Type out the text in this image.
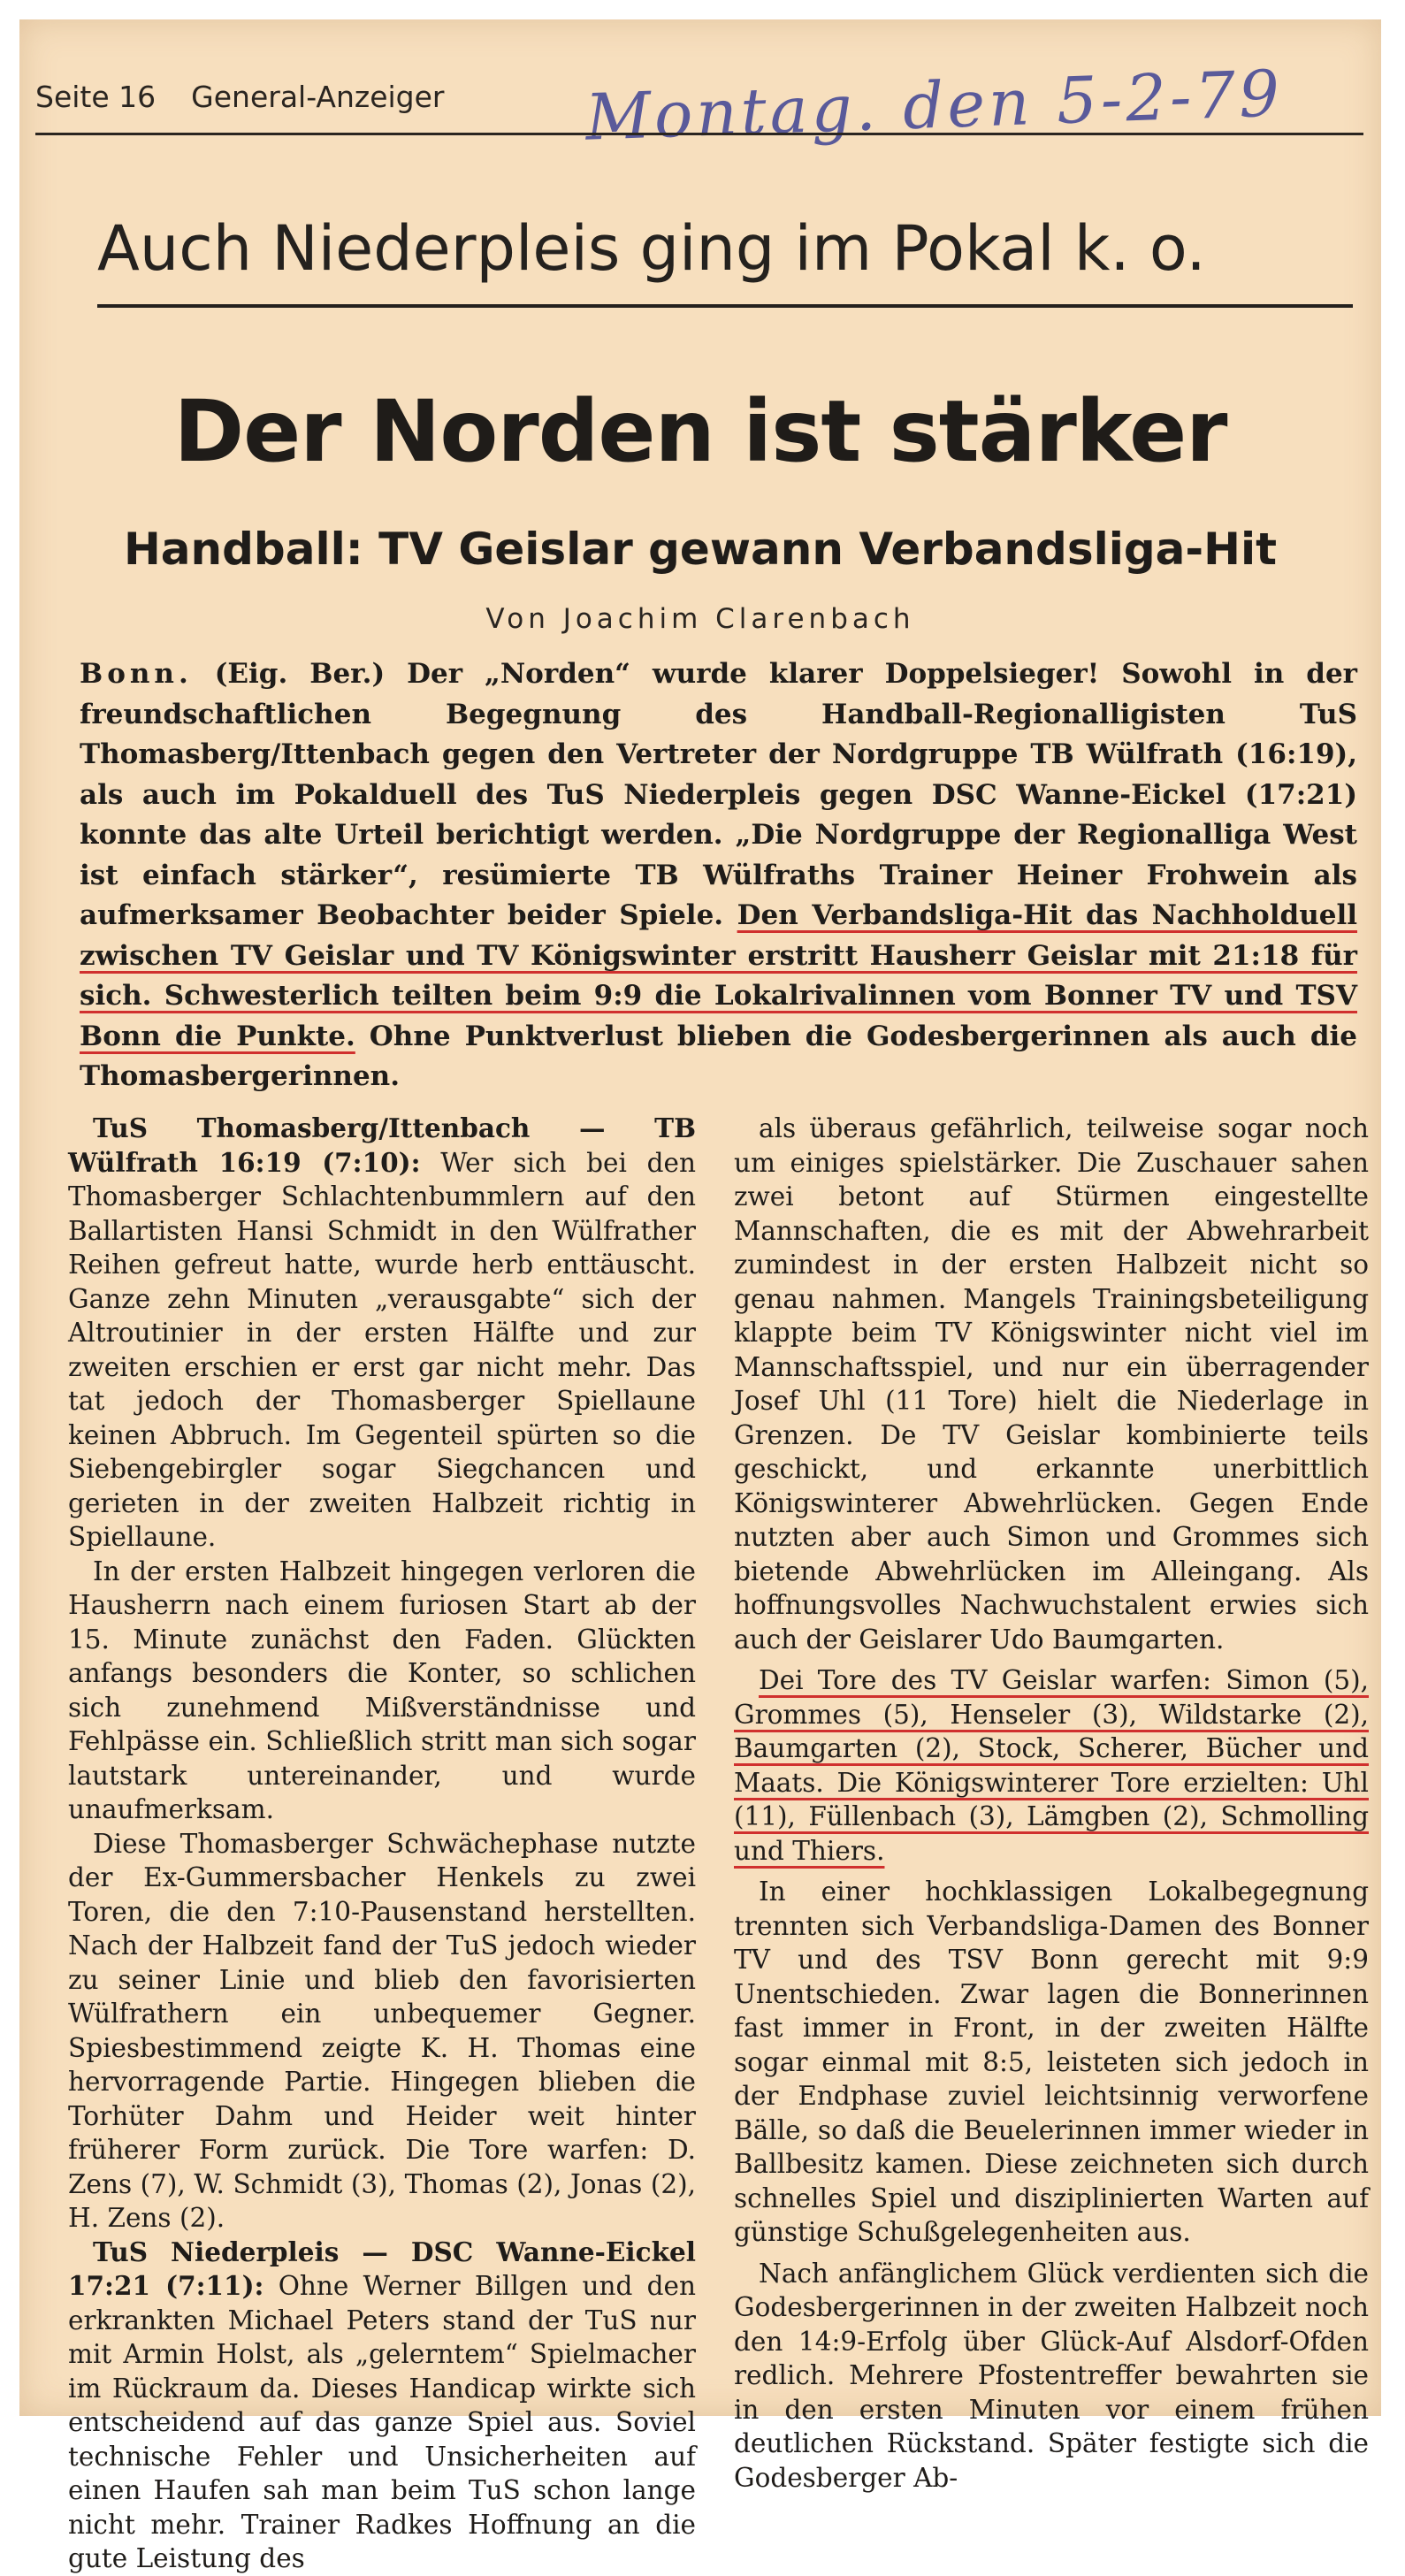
Seite 16 General-Anzeiger Montag. den 5-2-79
Auch Niederpleis ging im Pokal k. o.
Der Norden ist stärker
Handball: TV Geislar gewann Verbandsliga-Hit
Von Joachim Clarenbach
Bonn. (Eig. Ber.) Der „Norden“ wurde klarer Doppelsieger! Sowohl in der freundschaftlichen Begegnung des Handball-Regionalligisten TuS Thomasberg/Ittenbach gegen den Vertreter der Nordgruppe TB Wülfrath (16:19), als auch im Pokalduell des TuS Niederpleis gegen DSC Wanne-Eickel (17:21) konnte das alte Urteil berichtigt werden. „Die Nordgruppe der Regionalliga West ist einfach stärker“, resümierte TB Wülfraths Trainer Heiner Frohwein als aufmerksamer Beobachter beider Spiele. Den Verbandsliga-Hit das Nachholduell zwischen TV Geislar und TV Königswinter erstritt Hausherr Geislar mit 21:18 für sich. Schwesterlich teilten beim 9:9 die Lokalrivalinnen vom Bonner TV und TSV Bonn die Punkte. Ohne Punktverlust blieben die Godesbergerinnen als auch die Thomasbergerinnen.

TuS Thomasberg/Ittenbach — TB Wülfrath 16:19 (7:10): Wer sich bei den Thomasberger Schlachtenbummlern auf den Ballartisten Hansi Schmidt in den Wülfrather Reihen gefreut hatte, wurde herb enttäuscht. Ganze zehn Minuten „verausgabte“ sich der Altroutinier in der ersten Hälfte und zur zweiten erschien er erst gar nicht mehr. Das tat jedoch der Thomasberger Spiellaune keinen Abbruch. Im Gegenteil spürten so die Siebengebirgler sogar Siegchancen und gerieten in der zweiten Halbzeit richtig in Spiellaune.

In der ersten Halbzeit hingegen verloren die Hausherrn nach einem furiosen Start ab der 15. Minute zunächst den Faden. Glückten anfangs besonders die Konter, so schlichen sich zunehmend Mißverständnisse und Fehlpässe ein. Schließlich stritt man sich sogar lautstark untereinander, und wurde unaufmerksam.

Diese Thomasberger Schwächephase nutzte der Ex-Gummersbacher Henkels zu zwei Toren, die den 7:10-Pausenstand herstellten. Nach der Halbzeit fand der TuS jedoch wieder zu seiner Linie und blieb den favorisierten Wülfrathern ein unbequemer Gegner. Spiesbestimmend zeigte K. H. Thomas eine hervorragende Partie. Hingegen blieben die Torhüter Dahm und Heider weit hinter früherer Form zurück. Die Tore warfen: D. Zens (7), W. Schmidt (3), Thomas (2), Jonas (2), H. Zens (2).

TuS Niederpleis — DSC Wanne-Eickel 17:21 (7:11): Ohne Werner Billgen und den erkrankten Michael Peters stand der TuS nur mit Armin Holst, als „gelerntem“ Spielmacher im Rückraum da. Dieses Handicap wirkte sich entscheidend auf das ganze Spiel aus. Soviel technische Fehler und Unsicherheiten auf einen Haufen sah man beim TuS schon lange nicht mehr. Trainer Radkes Hoffnung an die gute Leistung des

als überaus gefährlich, teilweise sogar noch um einiges spielstärker. Die Zuschauer sahen zwei betont auf Stürmen eingestellte Mannschaften, die es mit der Abwehrarbeit zumindest in der ersten Halbzeit nicht so genau nahmen. Mangels Trainingsbeteiligung klappte beim TV Königswinter nicht viel im Mannschaftsspiel, und nur ein überragender Josef Uhl (11 Tore) hielt die Niederlage in Grenzen. De TV Geislar kombinierte teils geschickt, und erkannte unerbittlich Königswinterer Abwehrlücken. Gegen Ende nutzten aber auch Simon und Grommes sich bietende Abwehrlücken im Alleingang. Als hoffnungsvolles Nachwuchstalent erwies sich auch der Geislarer Udo Baumgarten.

Dei Tore des TV Geislar warfen: Simon (5), Grommes (5), Henseler (3), Wildstarke (2), Baumgarten (2), Stock, Scherer, Bücher und Maats. Die Königswinterer Tore erzielten: Uhl (11), Füllenbach (3), Lämgben (2), Schmolling und Thiers.

In einer hochklassigen Lokalbegegnung trennten sich Verbandsliga-Damen des Bonner TV und des TSV Bonn gerecht mit 9:9 Unentschieden. Zwar lagen die Bonnerinnen fast immer in Front, in der zweiten Hälfte sogar einmal mit 8:5, leisteten sich jedoch in der Endphase zuviel leichtsinnig verworfene Bälle, so daß die Beuelerinnen immer wieder in Ballbesitz kamen. Diese zeichneten sich durch schnelles Spiel und disziplinierten Warten auf günstige Schußgelegenheiten aus.

Nach anfänglichem Glück verdienten sich die Godesbergerinnen in der zweiten Halbzeit noch den 14:9-Erfolg über Glück-Auf Alsdorf-Ofden redlich. Mehrere Pfostentreffer bewahrten sie in den ersten Minuten vor einem frühen deutlichen Rückstand. Später festigte sich die Godesberger Ab-
